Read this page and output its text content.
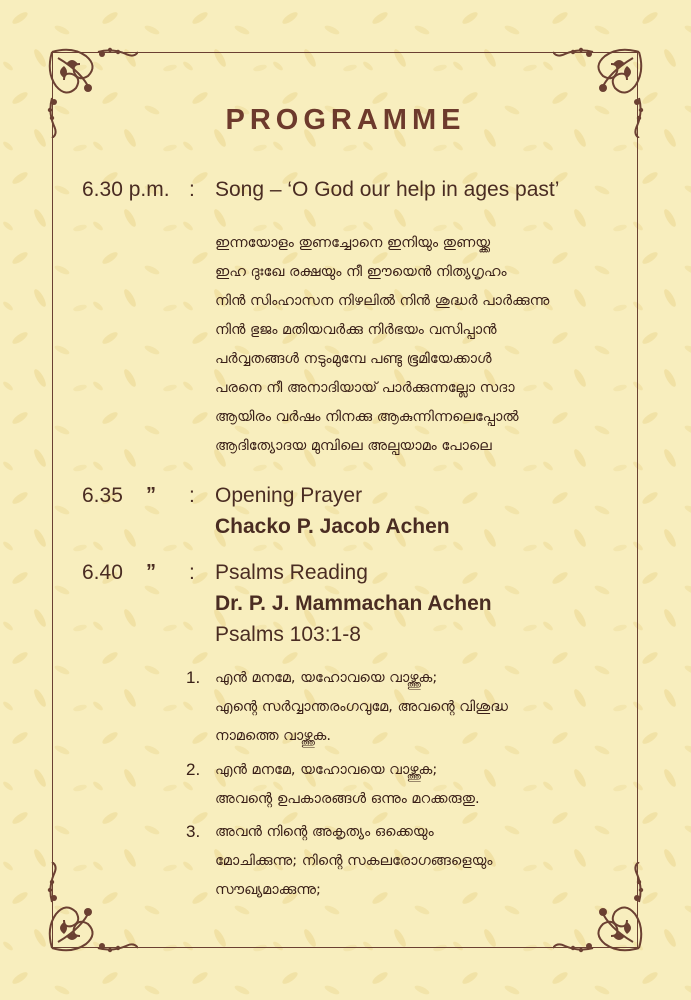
PROGRAMME
6.30 p.m. : Song – ‘O God our help in ages past’
ഇന്നയോളം തുണച്ചോനെ ഇനിയും തുണയ്ക്ക
ഇഹ ദുഃഖേ രക്ഷയും നീ ഈയെൻ നിത്യഗൃഹം
നിൻ സിംഹാസന നിഴലിൽ നിൻ ശുദ്ധർ പാർക്കുന്നു
നിൻ ഭുജം മതിയവർക്കു നിർഭയം വസിപ്പാൻ
പർവ്വതങ്ങൾ നടുംമുമ്പേ പണ്ടു ഭൂമിയേക്കാൾ
പരനെ നീ അനാദിയായ് പാർക്കുന്നല്ലോ സദാ
ആയിരം വർഷം നിനക്കു ആകുന്നിന്നലെപ്പോൽ
ആദിത്യോദയ മുമ്പിലെ അല്പയാമം പോലെ
6.35 ” : Opening Prayer
Chacko P. Jacob Achen
6.40 ” : Psalms Reading
Dr. P. J. Mammachan Achen
Psalms 103:1-8
1. എൻ മനമേ, യഹോവയെ വാഴ്ത്തുക;
എന്റെ സർവ്വാന്തരംഗവുമേ, അവന്റെ വിശുദ്ധ
നാമത്തെ വാഴ്ത്തുക.
2. എൻ മനമേ, യഹോവയെ വാഴ്ത്തുക;
അവന്റെ ഉപകാരങ്ങൾ ഒന്നും മറക്കരുതു.
3. അവൻ നിന്റെ അകൃത്യം ഒക്കെയും
മോചിക്കുന്നു; നിന്റെ സകലരോഗങ്ങളെയും
സൗഖ്യമാക്കുന്നു;
